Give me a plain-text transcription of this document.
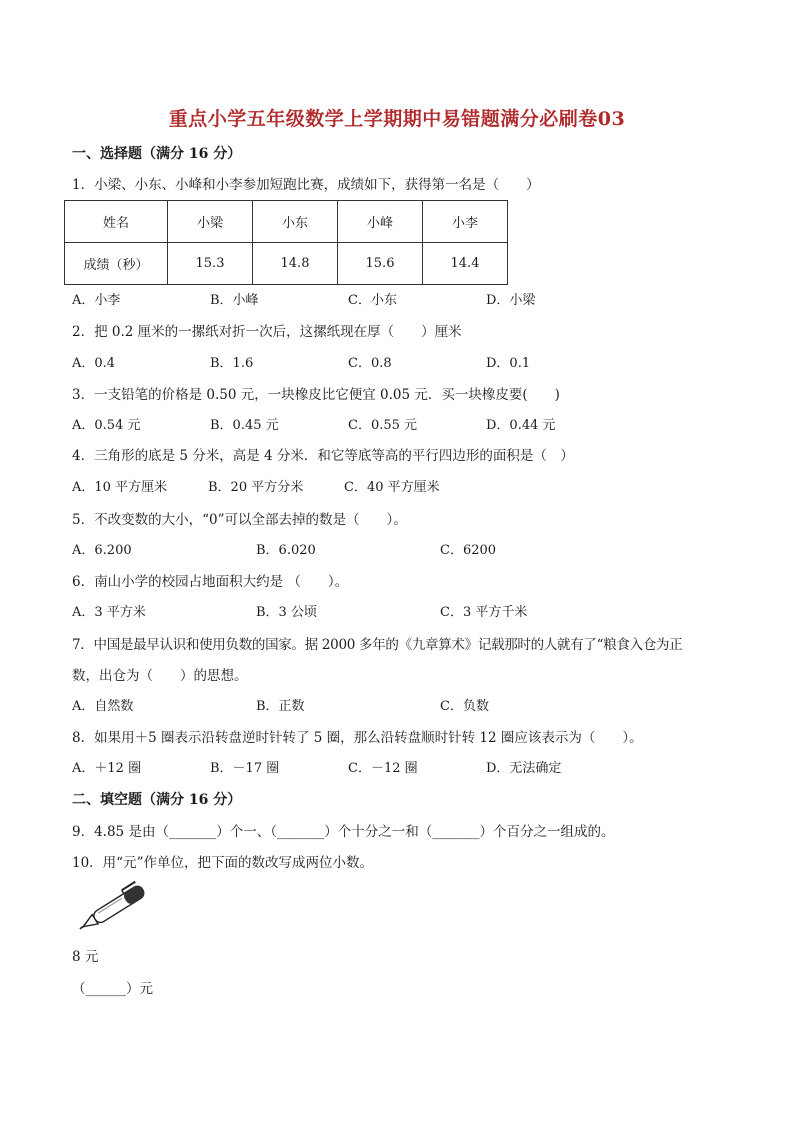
重点小学五年级数学上学期期中易错题满分必刷卷03
一、选择题（满分 16 分）
1．小梁、小东、小峰和小李参加短跑比赛，成绩如下，获得第一名是（　　）
姓名	小梁	小东	小峰	小李
成绩（秒）	15.3	14.8	15.6	14.4
A．小李	B．小峰	C．小东	D．小梁
2．把 0.2 厘米的一摞纸对折一次后，这摞纸现在厚（　　）厘米
A．0.4	B．1.6	C．0.8	D．0.1
3．一支铅笔的价格是 0.50 元，一块橡皮比它便宜 0.05 元．买一块橡皮要(　　)
A．0.54 元	B．0.45 元	C．0.55 元	D．0.44 元
4．三角形的底是 5 分米，高是 4 分米．和它等底等高的平行四边形的面积是（　）
A．10 平方厘米	B．20 平方分米	C．40 平方厘米
5．不改变数的大小，“0”可以全部去掉的数是（　　）。
A．6.200	B．6.020	C．6200
6．南山小学的校园占地面积大约是 （　　）。
A．3 平方米	B．3 公顷	C．3 平方千米
7．中国是最早认识和使用负数的国家。据 2000 多年的《九章算术》记载那时的人就有了“粮食入仓为正
数，出仓为（　　）的思想。
A．自然数	B．正数	C．负数
8．如果用＋5 圈表示沿转盘逆时针转了 5 圈，那么沿转盘顺时针转 12 圈应该表示为（　　）。
A．＋12 圈	B．－17 圈	C．－12 圈	D．无法确定
二、填空题（满分 16 分）
9．4.85 是由（_______）个一、（_______）个十分之一和（_______）个百分之一组成的。
10．用“元”作单位，把下面的数改写成两位小数。
8 元
（______）元
